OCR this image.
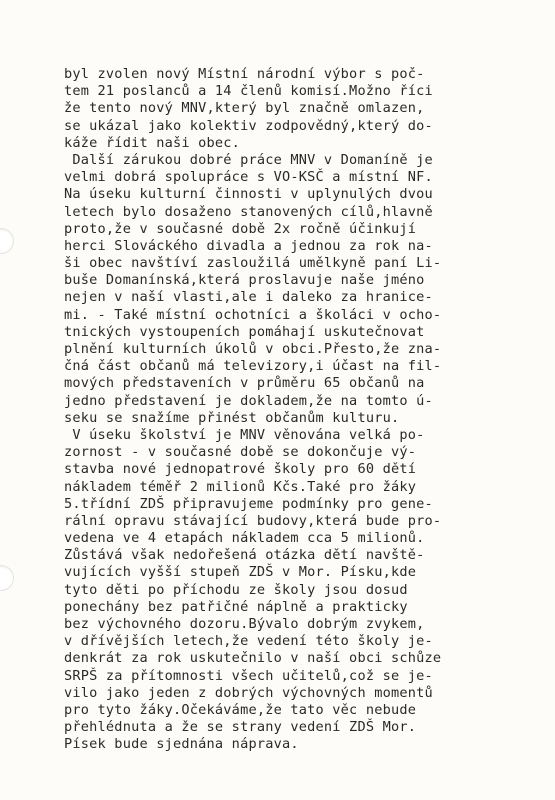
byl zvolen nový Místní národní výbor s poč-
tem 21 poslanců a 14 členů komisí.Možno říci
že tento nový MNV,který byl značně omlazen,
se ukázal jako kolektiv zodpovědný,který do-
káže řídit naši obec.
Další zárukou dobré práce MNV v Domaníně je
velmi dobrá spolupráce s VO-KSČ a místní NF.
Na úseku kulturní činnosti v uplynulých dvou
letech bylo dosaženo stanovených cílů,hlavně
proto,že v současné době 2x ročně účinkují
herci Slováckého divadla a jednou za rok na-
ši obec navštíví zasloužilá umělkyně paní Li-
buše Domanínská,která proslavuje naše jméno
nejen v naší vlasti,ale i daleko za hranice-
mi. - Také místní ochotníci a školáci v ocho-
tnických vystoupeních pomáhají uskutečnovat
plnění kulturních úkolů v obci.Přesto,že zna-
čná část občanů má televizory,i účast na fil-
mových představeních v průměru 65 občanů na
jedno představení je dokladem,že na tomto ú-
seku se snažíme přinést občanům kulturu.
V úseku školství je MNV věnována velká po-
zornost - v současné době se dokončuje vý-
stavba nové jednopatrové školy pro 60 dětí
nákladem téměř 2 milionů Kčs.Také pro žáky
5.třídní ZDŠ připravujeme podmínky pro gene-
rální opravu stávající budovy,která bude pro-
vedena ve 4 etapách nákladem cca 5 milionů.
Zůstává však nedořešená otázka dětí navště-
vujících vyšší stupeň ZDŠ v Mor. Písku,kde
tyto děti po příchodu ze školy jsou dosud
ponechány bez patřičné náplně a prakticky
bez výchovného dozoru.Bývalo dobrým zvykem,
v dřívějších letech,že vedení této školy je-
denkrát za rok uskutečnilo v naší obci schůze
SRPŠ za přítomnosti všech učitelů,což se je-
vilo jako jeden z dobrých výchovných momentů
pro tyto žáky.Očekáváme,že tato věc nebude
přehlédnuta a že se strany vedení ZDŠ Mor.
Písek bude sjednána náprava.
